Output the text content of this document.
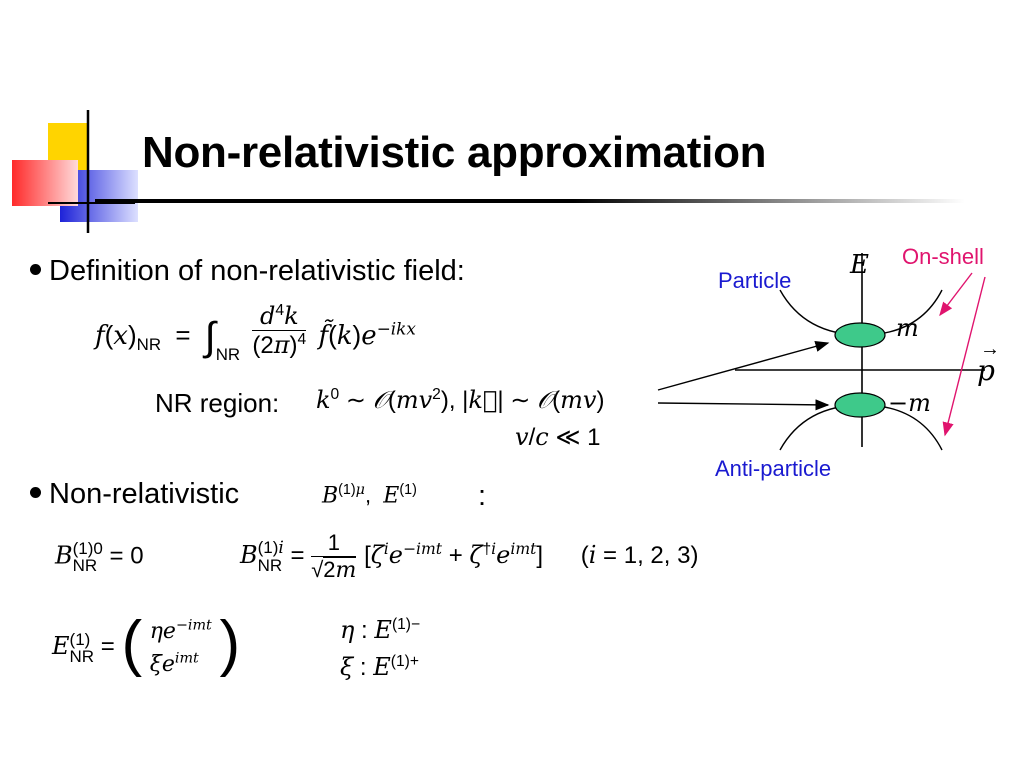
Non-relativistic approximation
Definition of non-relativistic field:
$f(x)_{NR} = \int_{NR} \frac{d^4k}{(2\pi)^4}$ $f̃(k)e^{-ikx}$
NR region: $k^0$ ∼ $𝒪(mv^2)$, |k⃗| ∼ 𝒪(mv)
v/c ≪ 1
Non-relativistic	$B^{(1)\mu}$,  $E^{(1)}$ :
B (1)0
NR = 0	B (1)i
NR = $\frac{1}{√2m} [\zeta^ie^{-imt} + \zeta^{\dagger i}e^{imt}] (i = 1$, 2, 3)
E (1)
NR = ( $\eta e^{-imt}$
$\xi e^{imt}$ )	η : $E^{(1)-}$
ξ : $E^{(1)+}$
E
→
p
m
−m
Particle
Anti-particle
On-shell
